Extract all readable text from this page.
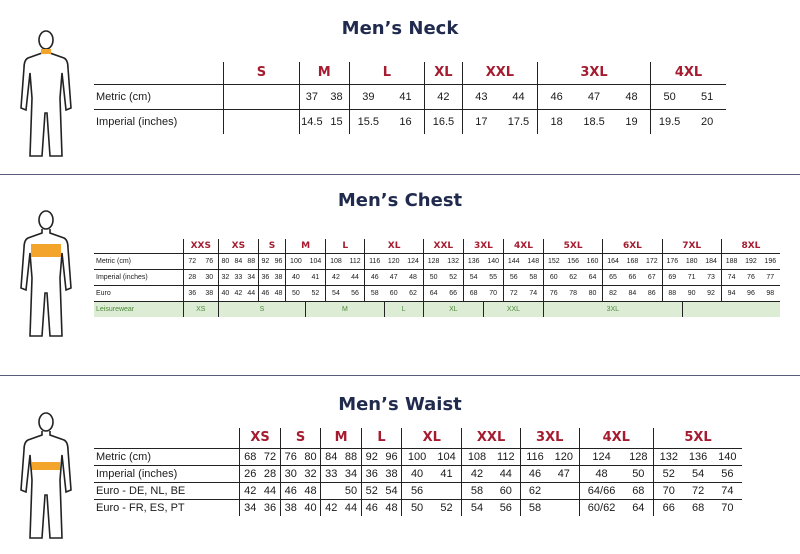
Men’s Neck
	S	M		L		XL	XXL		3XL			4XL	
Metric (cm)		37	38	39	41	42	43	44	46	47	48	50	51
Imperial (inches)		14.5	15	15.5	16	16.5	17	17.5	18	18.5	19	19.5	20
Men’s Chest
	XXS		XS			S		M		L		XL			XXL		3XL		4XL		5XL			6XL			7XL			8XL		
Metric (cm)	72	76	80	84	88	92	96	100	104	108	112	116	120	124	128	132	136	140	144	148	152	156	160	164	168	172	176	180	184	188	192	196
Imperial (inches)	28	30	32	33	34	36	38	40	41	42	44	46	47	48	50	52	54	55	56	58	60	62	64	65	66	67	69	71	73	74	76	77
Euro	36	38	40	42	44	46	48	50	52	54	56	58	60	62	64	66	68	70	72	74	76	78	80	82	84	86	88	90	92	94	96	98
Leisurewear	XS		S						M				L		XL			XXL			3XL											
Men’s Waist
	XS		S		M		L		XL		XXL		3XL		4XL		5XL		
Metric (cm)	68	72	76	80	84	88	92	96	100	104	108	112	116	120	124	128	132	136	140
Imperial (inches)	26	28	30	32	33	34	36	38	40	41	42	44	46	47	48	50	52	54	56
Euro - DE, NL, BE	42	44	46	48		50	52	54	56		58	60	62		64/66	68	70	72	74
Euro - FR, ES, PT	34	36	38	40	42	44	46	48	50	52	54	56	58		60/62	64	66	68	70
